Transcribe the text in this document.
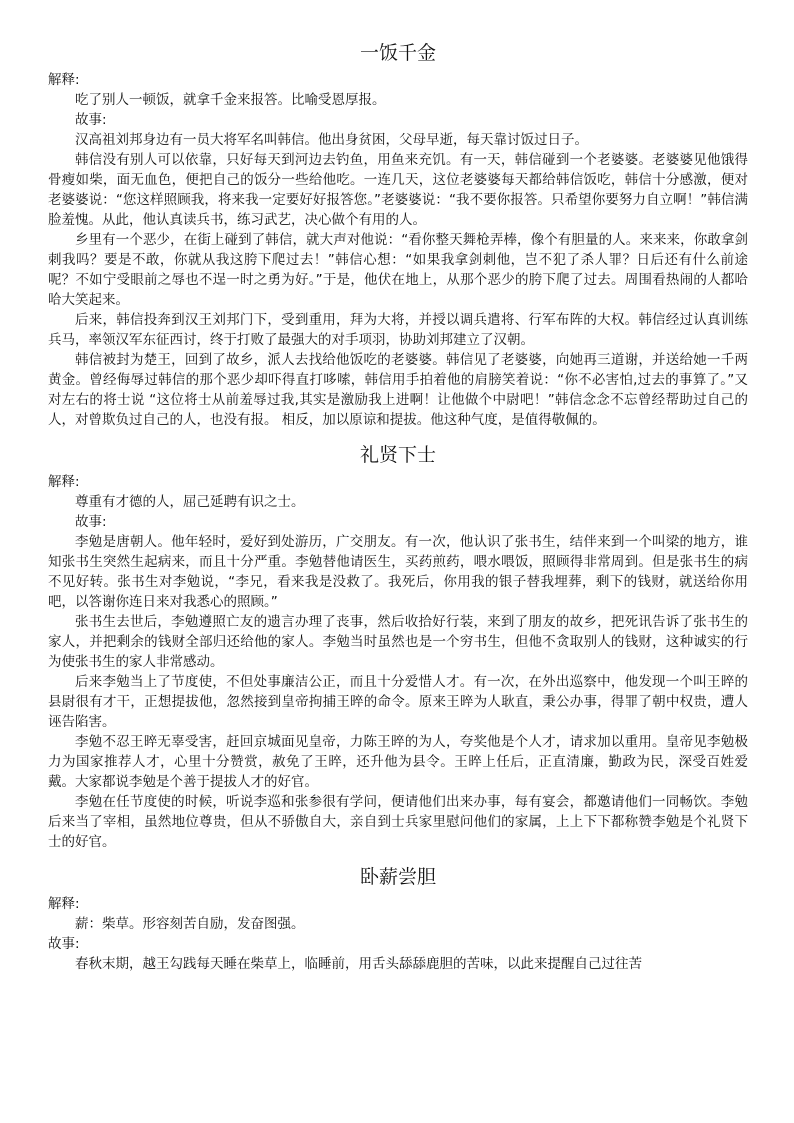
一饭千金

解释:

吃了别人一顿饭，就拿千金来报答。比喻受恩厚报。

故事:

汉高祖刘邦身边有一员大将军名叫韩信。他出身贫困，父母早逝，每天靠讨饭过日子。

韩信没有别人可以依靠，只好每天到河边去钓鱼，用鱼来充饥。有一天，韩信碰到一个老婆婆。老婆婆见他饿得骨瘦如柴，面无血色，便把自己的饭分一些给他吃。一连几天，这位老婆婆每天都给韩信饭吃，韩信十分感激，便对老婆婆说：“您这样照顾我，将来我一定要好好报答您。”老婆婆说：“我不要你报答。只希望你要努力自立啊！”韩信满脸羞愧。从此，他认真读兵书，练习武艺，决心做个有用的人。

乡里有一个恶少，在街上碰到了韩信，就大声对他说：“看你整天舞枪弄棒，像个有胆量的人。来来来，你敢拿剑刺我吗？要是不敢，你就从我这胯下爬过去！”韩信心想：“如果我拿剑刺他，岂不犯了杀人罪？日后还有什么前途呢？不如宁受眼前之辱也不逞一时之勇为好。”于是，他伏在地上，从那个恶少的胯下爬了过去。周围看热闹的人都哈哈大笑起来。

后来，韩信投奔到汉王刘邦门下，受到重用，拜为大将，并授以调兵遣将、行军布阵的大权。韩信经过认真训练兵马，率领汉军东征西讨，终于打败了最强大的对手项羽，协助刘邦建立了汉朝。

韩信被封为楚王，回到了故乡，派人去找给他饭吃的老婆婆。韩信见了老婆婆，向她再三道谢，并送给她一千两黄金。曾经侮辱过韩信的那个恶少却吓得直打哆嗦，韩信用手拍着他的肩膀笑着说：“你不必害怕,过去的事算了。”又对左右的将士说 “这位将士从前羞辱过我,其实是激励我上进啊！让他做个中尉吧！”韩信念念不忘曾经帮助过自己的人，对曾欺负过自己的人，也没有报。 相反，加以原谅和提拔。他这种气度，是值得敬佩的。

礼贤下士

解释:

尊重有才德的人，屈己延聘有识之士。

故事:

李勉是唐朝人。他年轻时，爱好到处游历，广交朋友。有一次，他认识了张书生，结伴来到一个叫梁的地方，谁知张书生突然生起病来，而且十分严重。李勉替他请医生，买药煎药，喂水喂饭，照顾得非常周到。但是张书生的病不见好转。张书生对李勉说，“李兄，看来我是没救了。我死后，你用我的银子替我埋葬，剩下的钱财，就送给你用吧，以答谢你连日来对我悉心的照顾。”

张书生去世后，李勉遵照亡友的遗言办理了丧事，然后收拾好行装，来到了朋友的故乡，把死讯告诉了张书生的家人，并把剩余的钱财全部归还给他的家人。李勉当时虽然也是一个穷书生，但他不贪取别人的钱财，这种诚实的行为使张书生的家人非常感动。

后来李勉当上了节度使，不但处事廉洁公正，而且十分爱惜人才。有一次，在外出巡察中，他发现一个叫王晬的县尉很有才干，正想提拔他，忽然接到皇帝拘捕王晬的命令。原来王晬为人耿直，秉公办事，得罪了朝中权贵，遭人诬告陷害。

李勉不忍王晬无辜受害，赶回京城面见皇帝，力陈王晬的为人，夸奖他是个人才，请求加以重用。皇帝见李勉极力为国家推荐人才，心里十分赞赏，赦免了王晬，还升他为县令。王晬上任后，正直清廉，勤政为民，深受百姓爱戴。大家都说李勉是个善于提拔人才的好官。

李勉在任节度使的时候，听说李巡和张参很有学问，便请他们出来办事，每有宴会，都邀请他们一同畅饮。李勉后来当了宰相，虽然地位尊贵，但从不骄傲自大，亲自到士兵家里慰问他们的家属，上上下下都称赞李勉是个礼贤下士的好官。

卧薪尝胆

解释:

薪：柴草。形容刻苦自励，发奋图强。

故事:

春秋末期，越王勾践每天睡在柴草上，临睡前，用舌头舔舔鹿胆的苦味，以此来提醒自己过往苦
